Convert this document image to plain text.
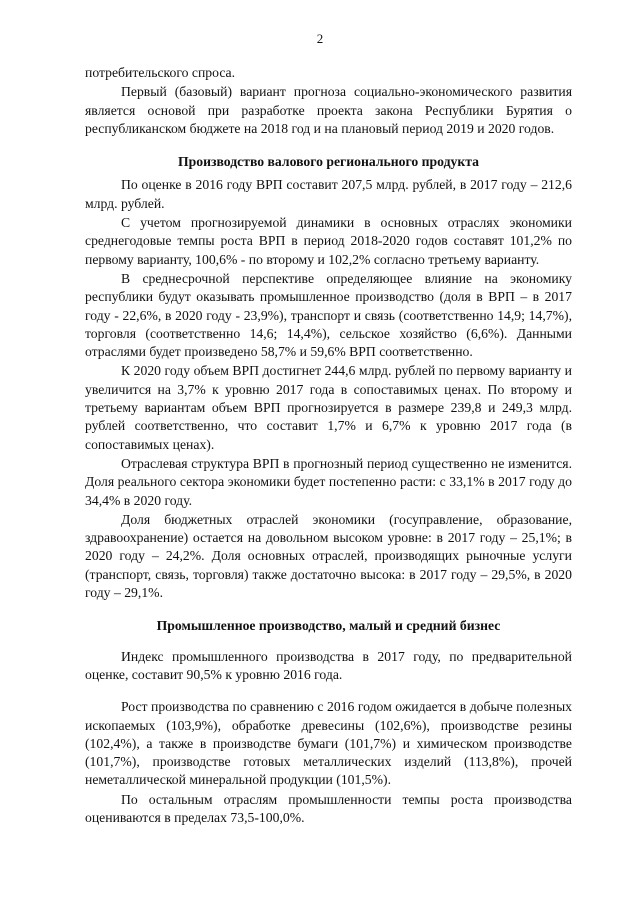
2

потребительского спроса.

Первый (базовый) вариант прогноза социально-экономического развития является основой при разработке проекта закона Республики Бурятия о республиканском бюджете на 2018 год и на плановый период 2019 и 2020 годов.

Производство валового регионального продукта

По оценке в 2016 году ВРП составит 207,5 млрд. рублей, в 2017 году – 212,6 млрд. рублей.

С учетом прогнозируемой динамики в основных отраслях экономики среднегодовые темпы роста ВРП в период 2018-2020 годов составят 101,2% по первому варианту, 100,6% - по второму и 102,2% согласно третьему варианту.

В среднесрочной перспективе определяющее влияние на экономику республики будут оказывать промышленное производство (доля в ВРП – в 2017 году - 22,6%, в 2020 году - 23,9%), транспорт и связь (соответственно 14,9; 14,7%), торговля (соответственно 14,6; 14,4%), сельское хозяйство (6,6%). Данными отраслями будет произведено 58,7% и 59,6% ВРП соответственно.

К 2020 году объем ВРП достигнет 244,6 млрд. рублей по первому варианту и увеличится на 3,7% к уровню 2017 года в сопоставимых ценах. По второму и третьему вариантам объем ВРП прогнозируется в размере 239,8 и 249,3 млрд. рублей соответственно, что составит 1,7% и 6,7% к уровню 2017 года (в сопоставимых ценах).

Отраслевая структура ВРП в прогнозный период существенно не изменится. Доля реального сектора экономики будет постепенно расти: с 33,1% в 2017 году до 34,4% в 2020 году.

Доля бюджетных отраслей экономики (госуправление, образование, здравоохранение) остается на довольном высоком уровне: в 2017 году – 25,1%; в 2020 году – 24,2%. Доля основных отраслей, производящих рыночные услуги (транспорт, связь, торговля) также достаточно высока: в 2017 году – 29,5%, в 2020 году – 29,1%.

Промышленное производство, малый и средний бизнес

Индекс промышленного производства в 2017 году, по предварительной оценке, составит 90,5% к уровню 2016 года.

Рост производства по сравнению с 2016 годом ожидается в добыче полезных ископаемых (103,9%), обработке древесины (102,6%), производстве резины (102,4%), а также в производстве бумаги (101,7%) и химическом производстве (101,7%), производстве готовых металлических изделий (113,8%), прочей неметаллической минеральной продукции (101,5%).

По остальным отраслям промышленности темпы роста производства оцениваются в пределах 73,5-100,0%.
